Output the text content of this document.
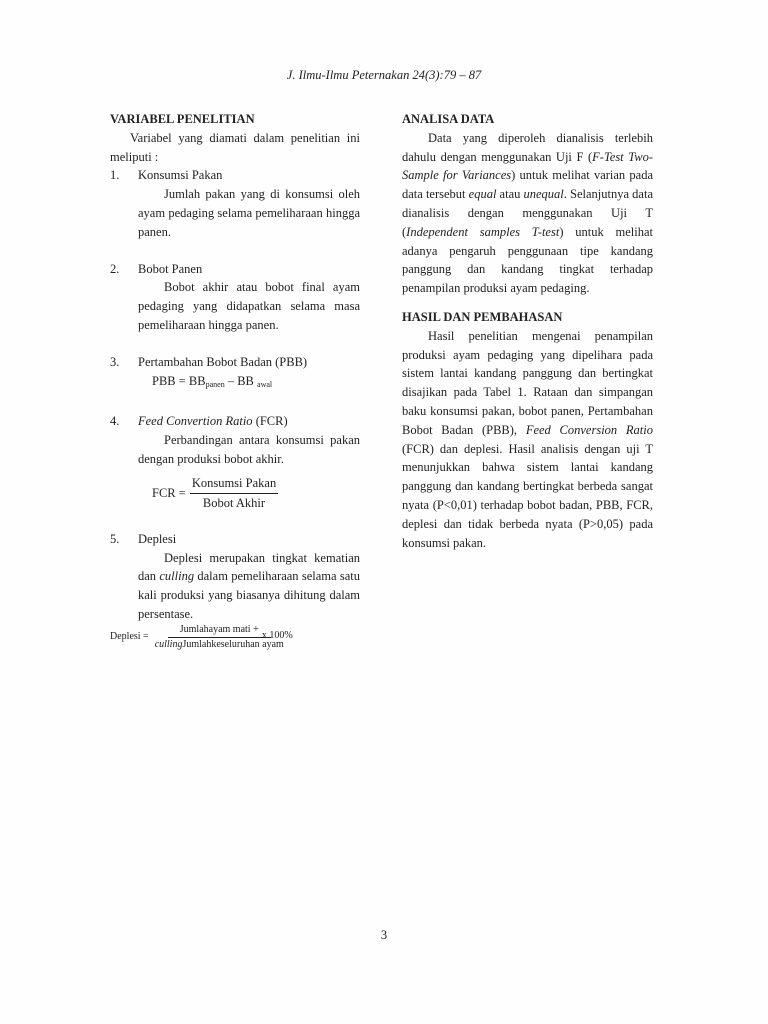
J. Ilmu-Ilmu Peternakan 24(3):79 – 87
VARIABEL PENELITIAN

Variabel yang diamati dalam penelitian ini meliputi :

1.	Konsumsi Pakan

Jumlah pakan yang di konsumsi oleh ayam pedaging selama pemeliharaan hingga panen.

2.	Bobot Panen

Bobot akhir atau bobot final ayam pedaging yang didapatkan selama masa pemeliharaan hingga panen.

3.	Pertambahan Bobot Badan (PBB)
PBB = $BB_{panen}$ – BB $_{awal}$
4.	Feed Convertion Ratio (FCR)

Perbandingan antara konsumsi pakan dengan produksi bobot akhir.

FCR = $\frac{\text{Konsumsi Pakan}}{\text{Bobot Akhir}}$
5.	Deplesi

Deplesi merupakan tingkat kematian dan culling dalam pemeliharaan selama satu kali produksi yang biasanya dihitung dalam persentase.

Deplesi = $\frac{\text{Jumlahayam mati +}}{\text{cullingJumlahkeseluruhan ayam}}$
x 100%
ANALISA DATA

Data yang diperoleh dianalisis terlebih dahulu dengan menggunakan Uji F (F-Test Two-Sample for Variances) untuk melihat varian pada data tersebut equal atau unequal. Selanjutnya data dianalisis dengan menggunakan Uji T (Independent samples T-test) untuk melihat adanya pengaruh penggunaan tipe kandang panggung dan kandang tingkat terhadap penampilan produksi ayam pedaging.

HASIL DAN PEMBAHASAN

Hasil penelitian mengenai penampilan produksi ayam pedaging yang dipelihara pada sistem lantai kandang panggung dan bertingkat disajikan pada Tabel 1. Rataan dan simpangan baku konsumsi pakan, bobot panen, Pertambahan Bobot Badan (PBB), Feed Conversion Ratio (FCR) dan deplesi. Hasil analisis dengan uji T menunjukkan bahwa sistem lantai kandang panggung dan kandang bertingkat berbeda sangat nyata (P<0,01) terhadap bobot badan, PBB, FCR, deplesi dan tidak berbeda nyata (P>0,05) pada konsumsi pakan.

3
